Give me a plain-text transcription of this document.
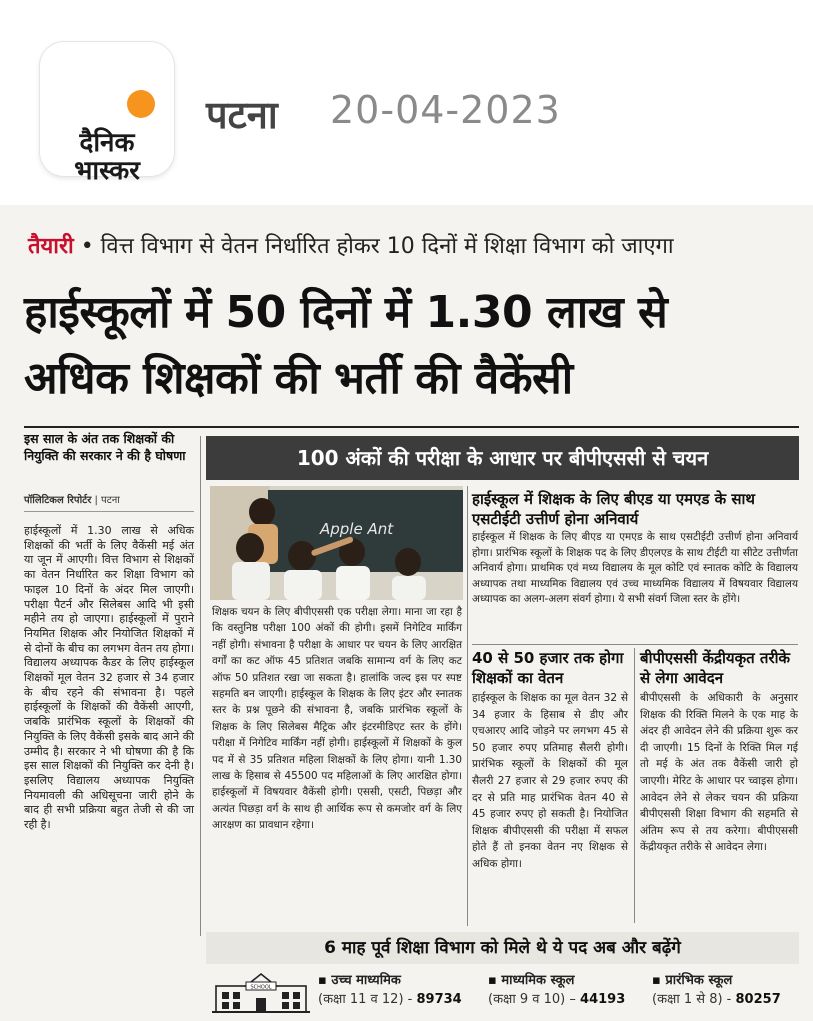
दैनिक
भास्कर
पटना 20-04-2023
तैयारी • वित्त विभाग से वेतन निर्धारित होकर 10 दिनों में शिक्षा विभाग को जाएगा
हाईस्कूलों में 50 दिनों में 1.30 लाख से
अधिक शिक्षकों की भर्ती की वैकेंसी
इस साल के अंत तक शिक्षकों की नियुक्ति की सरकार ने की है घोषणा
पॉलिटिकल रिपोर्टर | पटना
हाईस्कूलों में 1.30 लाख से अधिक शिक्षकों की भर्ती के लिए वैकेंसी मई अंत या जून में आएगी। वित्त विभाग से शिक्षकों का वेतन निर्धारित कर शिक्षा विभाग को फाइल 10 दिनों के अंदर मिल जाएगी। परीक्षा पैटर्न और सिलेबस आदि भी इसी महीने तय हो जाएगा। हाईस्कूलों में पुराने नियमित शिक्षक और नियोजित शिक्षकों में से दोनों के बीच का लगभग वेतन तय होगा। विद्यालय अध्यापक कैडर के लिए हाईस्कूल शिक्षकों मूल वेतन 32 हजार से 34 हजार के बीच रहने की संभावना है। पहले हाईस्कूलों के शिक्षकों की वैकेंसी आएगी, जबकि प्रारंभिक स्कूलों के शिक्षकों की नियुक्ति के लिए वैकेंसी इसके बाद आने की उम्मीद है। सरकार ने भी घोषणा की है कि इस साल शिक्षकों की नियुक्ति कर देनी है। इसलिए विद्यालय अध्यापक नियुक्ति नियमावली की अधिसूचना जारी होने के बाद ही सभी प्रक्रिया बहुत तेजी से की जा रही है।
100 अंकों की परीक्षा के आधार पर बीपीएससी से चयन
Apple Ant
शिक्षक चयन के लिए बीपीएससी एक परीक्षा लेगा। माना जा रहा है कि वस्तुनिष्ठ परीक्षा 100 अंकों की होगी। इसमें निगेटिव मार्किंग नहीं होगी। संभावना है परीक्षा के आधार पर चयन के लिए आरक्षित वर्गों का कट ऑफ 45 प्रतिशत जबकि सामान्य वर्ग के लिए कट ऑफ 50 प्रतिशत रखा जा सकता है। हालांकि जल्द इस पर स्पष्ट सहमति बन जाएगी। हाईस्कूल के शिक्षक के लिए इंटर और स्नातक स्तर के प्रश्न पूछने की संभावना है, जबकि प्रारंभिक स्कूलों के शिक्षक के लिए सिलेबस मैट्रिक और इंटरमीडिएट स्तर के होंगे। परीक्षा में निगेटिव मार्किंग नहीं होगी। हाईस्कूलों में शिक्षकों के कुल पद में से 35 प्रतिशत महिला शिक्षकों के लिए होगा। यानी 1.30 लाख के हिसाब से 45500 पद महिलाओं के लिए आरक्षित होगा। हाईस्कूलों में विषयवार वैकेंसी होगी। एससी, एसटी, पिछड़ा और अत्यंत पिछड़ा वर्ग के साथ ही आर्थिक रूप से कमजोर वर्ग के लिए आरक्षण का प्रावधान रहेगा।
हाईस्कूल में शिक्षक के लिए बीएड या एमएड के साथ एसटीईटी उत्तीर्ण होना अनिवार्य
हाईस्कूल में शिक्षक के लिए बीएड या एमएड के साथ एसटीईटी उत्तीर्ण होना अनिवार्य होगा। प्रारंभिक स्कूलों के शिक्षक पद के लिए डीएलएड के साथ टीईटी या सीटेट उत्तीर्णता अनिवार्य होगा। प्राथमिक एवं मध्य विद्यालय के मूल कोटि एवं स्नातक कोटि के विद्यालय अध्यापक तथा माध्यमिक विद्यालय एवं उच्च माध्यमिक विद्यालय में विषयवार विद्यालय अध्यापक का अलग-अलग संवर्ग होगा। ये सभी संवर्ग जिला स्तर के होंगे।
40 से 50 हजार तक होगा शिक्षकों का वेतन
हाईस्कूल के शिक्षक का मूल वेतन 32 से 34 हजार के हिसाब से डीए और एचआरए आदि जोड़ने पर लगभग 45 से 50 हजार रुपए प्रतिमाह सैलरी होगी। प्रारंभिक स्कूलों के शिक्षकों की मूल सैलरी 27 हजार से 29 हजार रुपए की दर से प्रति माह प्रारंभिक वेतन 40 से 45 हजार रुपए हो सकती है। नियोजित शिक्षक बीपीएससी की परीक्षा में सफल होते हैं तो इनका वेतन नए शिक्षक से अधिक होगा।
बीपीएससी केंद्रीयकृत तरीके से लेगा आवेदन
बीपीएससी के अधिकारी के अनुसार शिक्षक की रिक्ति मिलने के एक माह के अंदर ही आवेदन लेने की प्रक्रिया शुरू कर दी जाएगी। 15 दिनों के रिक्ति मिल गई तो मई के अंत तक वैकेंसी जारी हो जाएगी। मेरिट के आधार पर च्वाइस होगा। आवेदन लेने से लेकर चयन की प्रक्रिया बीपीएससी शिक्षा विभाग की सहमति से अंतिम रूप से तय करेगा। बीपीएससी केंद्रीयकृत तरीके से आवेदन लेगा।
6 माह पूर्व शिक्षा विभाग को मिले थे ये पद अब और बढ़ेंगे
SCHOOL	▪ उच्च माध्यमिक
(कक्षा 11 व 12) - 89734
▪ माध्यमिक स्कूल
(कक्षा 9 व 10) – 44193
▪ प्रारंभिक स्कूल
(कक्षा 1 से 8) - 80257
